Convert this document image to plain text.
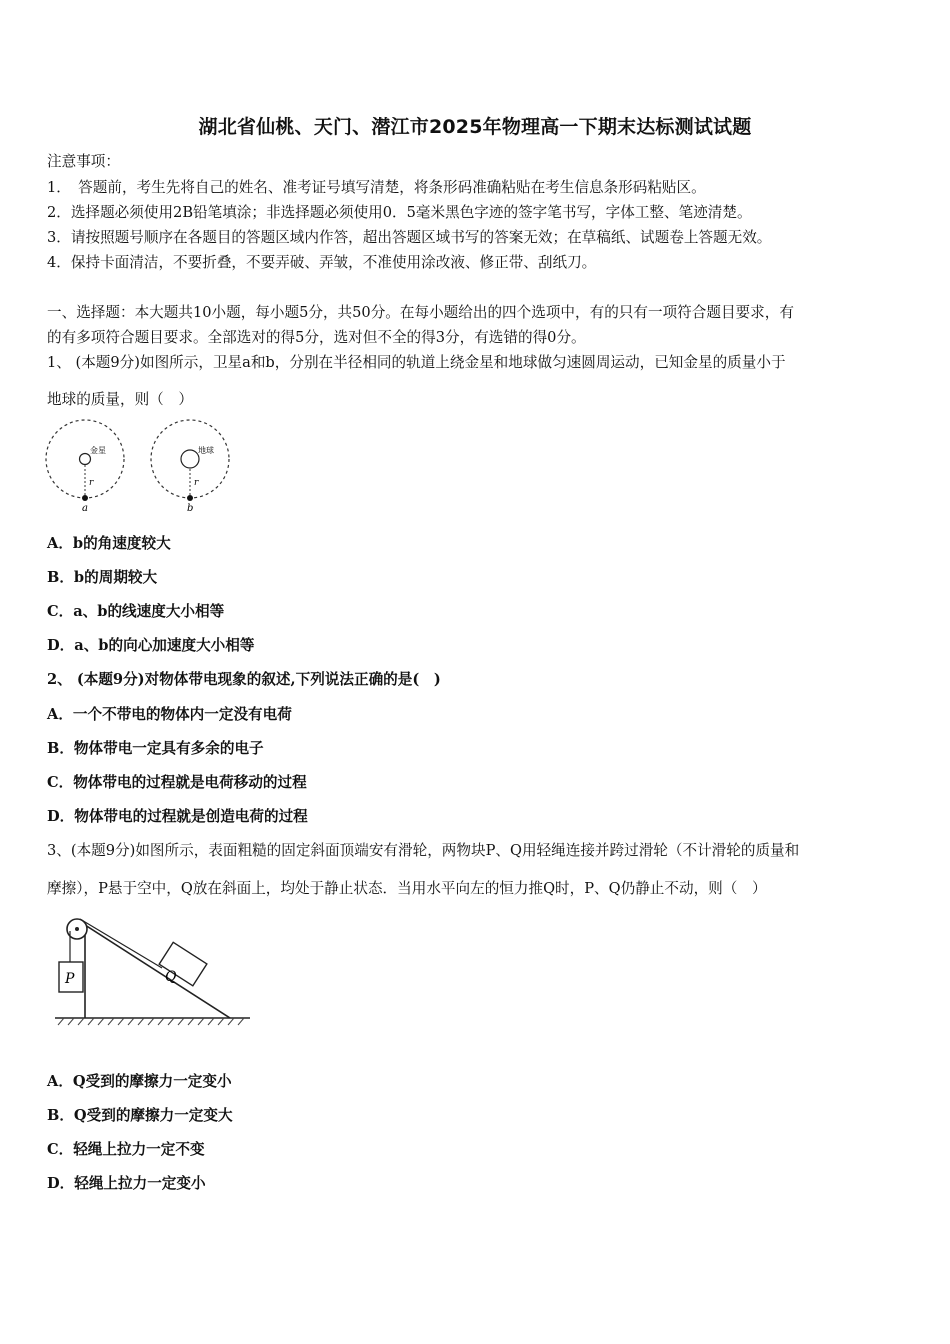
湖北省仙桃、天门、潜江市2025年物理高一下期末达标测试试题
注意事项：
1．　答题前，考生先将自己的姓名、准考证号填写清楚，将条形码准确粘贴在考生信息条形码粘贴区。
2．选择题必须使用2B铅笔填涂；非选择题必须使用0．5毫米黑色字迹的签字笔书写，字体工整、笔迹清楚。
3．请按照题号顺序在各题目的答题区域内作答，超出答题区域书写的答案无效；在草稿纸、试题卷上答题无效。
4．保持卡面清洁，不要折叠，不要弄破、弄皱，不准使用涂改液、修正带、刮纸刀。
一、选择题：本大题共10小题，每小题5分，共50分。在每小题给出的四个选项中，有的只有一项符合题目要求，有
的有多项符合题目要求。全部选对的得5分，选对但不全的得3分，有选错的得0分。
1、 (本题9分)如图所示，卫星a和b，分别在半径相同的轨道上绕金星和地球做匀速圆周运动，已知金星的质量小于
地球的质量，则（　）
金星
r
a
地球
r
b
A．b的角速度较大
B．b的周期较大
C．a、b的线速度大小相等
D．a、b的向心加速度大小相等
2、 (本题9分)对物体带电现象的叙述,下列说法正确的是(　)
A．一个不带电的物体内一定没有电荷
B．物体带电一定具有多余的电子
C．物体带电的过程就是电荷移动的过程
D．物体带电的过程就是创造电荷的过程
3、(本题9分)如图所示，表面粗糙的固定斜面顶端安有滑轮，两物块P、Q用轻绳连接并跨过滑轮（不计滑轮的质量和
摩擦），P悬于空中，Q放在斜面上，均处于静止状态．当用水平向左的恒力推Q时，P、Q仍静止不动，则（　）
P	Q
A．Q受到的摩擦力一定变小
B．Q受到的摩擦力一定变大
C．轻绳上拉力一定不变
D．轻绳上拉力一定变小
